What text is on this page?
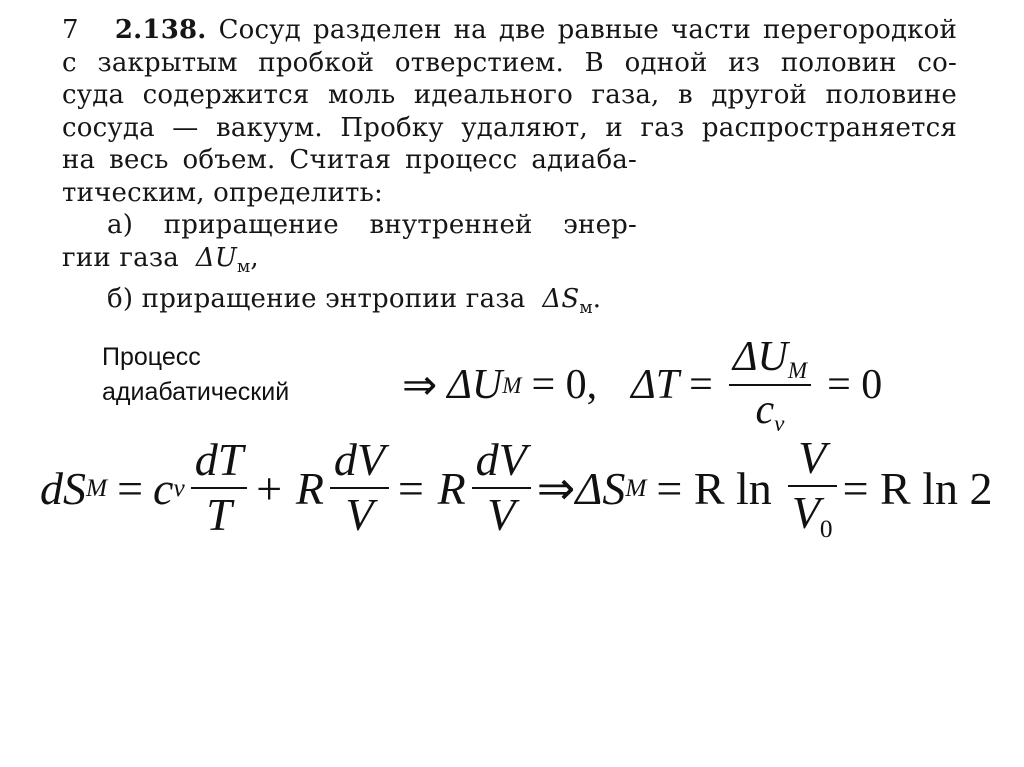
7 2.138. Сосуд разделен на две равные части перегородкой
с закрытым пробкой отверстием. В одной из половин со-
суда содержится моль идеального газа, в другой половине
сосуда — вакуум. Пробку удаляют, и газ распространяется
на весь объем. Считая процесс адиаба-
тическим, определить:
а) приращение внутренней энер-
гии газа $\Delta U_м$,
б) приращение энтропии газа $\Delta S_м$.
Процесс
адиабатический	⇒ ΔU M = 0, $\Delta T = \frac{\text{ΔUM}}{cv} = 0$
dS M = c v $\frac{dT}{T} + R \frac{dV}{V} = R \frac{dV}{V}$ ⇒ ΔS M = R $\ln \frac{V}{V0} = R$ ln 2
